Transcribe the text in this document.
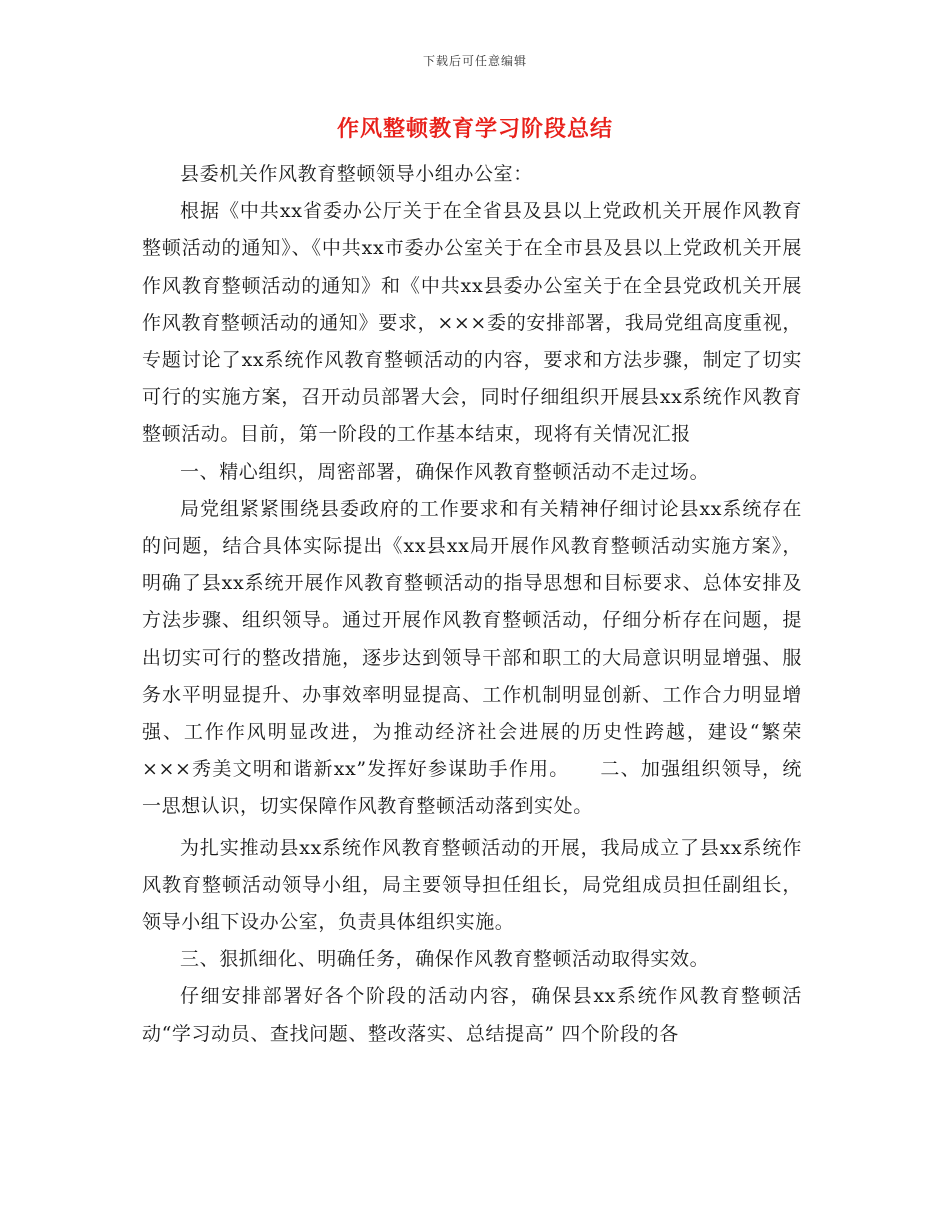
下载后可任意编辑
作风整顿教育学习阶段总结

县委机关作风教育整顿领导小组办公室：

根据《中共xx省委办公厅关于在全省县及县以上党政机关开展作风教育整顿活动的通知》、《中共xx市委办公室关于在全市县及县以上党政机关开展作风教育整顿活动的通知》和《中共xx县委办公室关于在全县党政机关开展作风教育整顿活动的通知》要求，×××委的安排部署，我局党组高度重视，专题讨论了xx系统作风教育整顿活动的内容，要求和方法步骤，制定了切实可行的实施方案，召开动员部署大会，同时仔细组织开展县xx系统作风教育整顿活动。目前，第一阶段的工作基本结束，现将有关情况汇报

一、精心组织，周密部署，确保作风教育整顿活动不走过场。

局党组紧紧围绕县委政府的工作要求和有关精神仔细讨论县xx系统存在的问题，结合具体实际提出《xx县xx局开展作风教育整顿活动实施方案》，明确了县xx系统开展作风教育整顿活动的指导思想和目标要求、总体安排及方法步骤、组织领导。通过开展作风教育整顿活动，仔细分析存在问题，提出切实可行的整改措施，逐步达到领导干部和职工的大局意识明显增强、服务水平明显提升、办事效率明显提高、工作机制明显创新、工作合力明显增强、工作作风明显改进，为推动经济社会进展的历史性跨越，建设“繁荣×××秀美文明和谐新xx”发挥好参谋助手作用。　　二、加强组织领导，统一思想认识，切实保障作风教育整顿活动落到实处。

为扎实推动县xx系统作风教育整顿活动的开展，我局成立了县xx系统作风教育整顿活动领导小组，局主要领导担任组长，局党组成员担任副组长，领导小组下设办公室，负责具体组织实施。

三、狠抓细化、明确任务，确保作风教育整顿活动取得实效。

仔细安排部署好各个阶段的活动内容，确保县xx系统作风教育整顿活动“学习动员、查找问题、整改落实、总结提高” 四个阶段的各
